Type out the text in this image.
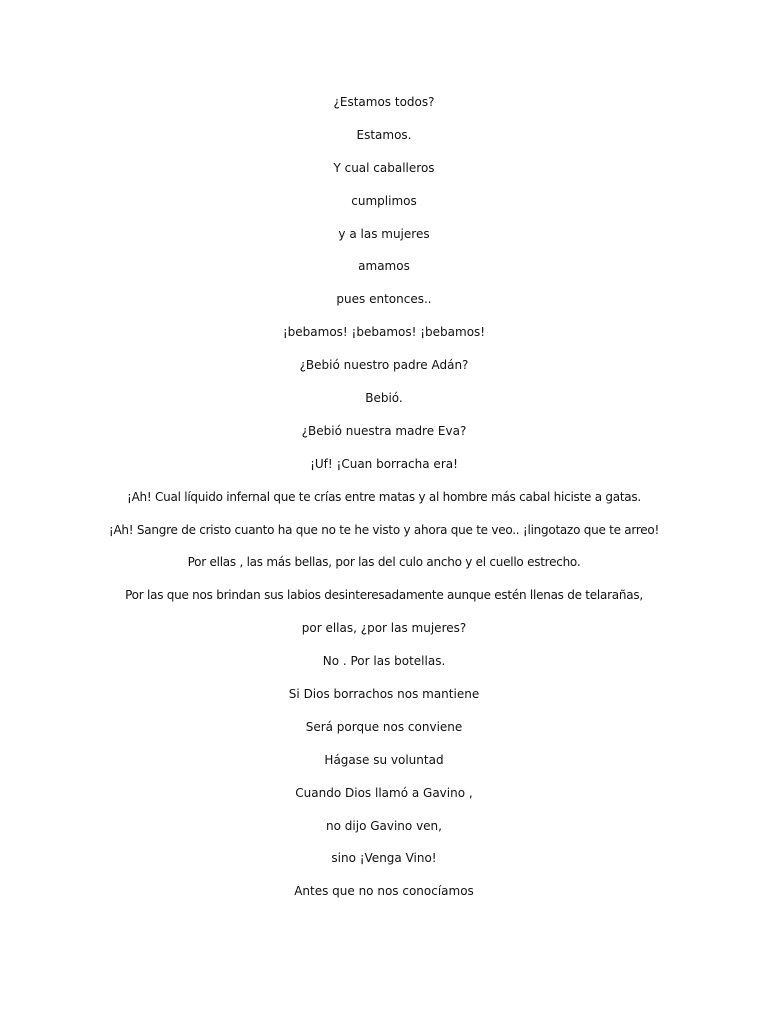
¿Estamos todos?
Estamos.
Y cual caballeros
cumplimos
y a las mujeres
amamos
pues entonces..
¡bebamos! ¡bebamos! ¡bebamos!
¿Bebió nuestro padre Adán?
Bebió.
¿Bebió nuestra madre Eva?
¡Uf! ¡Cuan borracha era!
¡Ah! Cual líquido infernal que te crías entre matas y al hombre más cabal hiciste a gatas.
¡Ah! Sangre de cristo cuanto ha que no te he visto y ahora que te veo.. ¡lingotazo que te arreo!
Por ellas , las más bellas, por las del culo ancho y el cuello estrecho.
Por las que nos brindan sus labios desinteresadamente aunque estén llenas de telarañas,
por ellas, ¿por las mujeres?
No . Por las botellas.
Si Dios borrachos nos mantiene
Será porque nos conviene
Hágase su voluntad
Cuando Dios llamó a Gavino ,
no dijo Gavino ven,
sino ¡Venga Vino!
Antes que no nos conocíamos
